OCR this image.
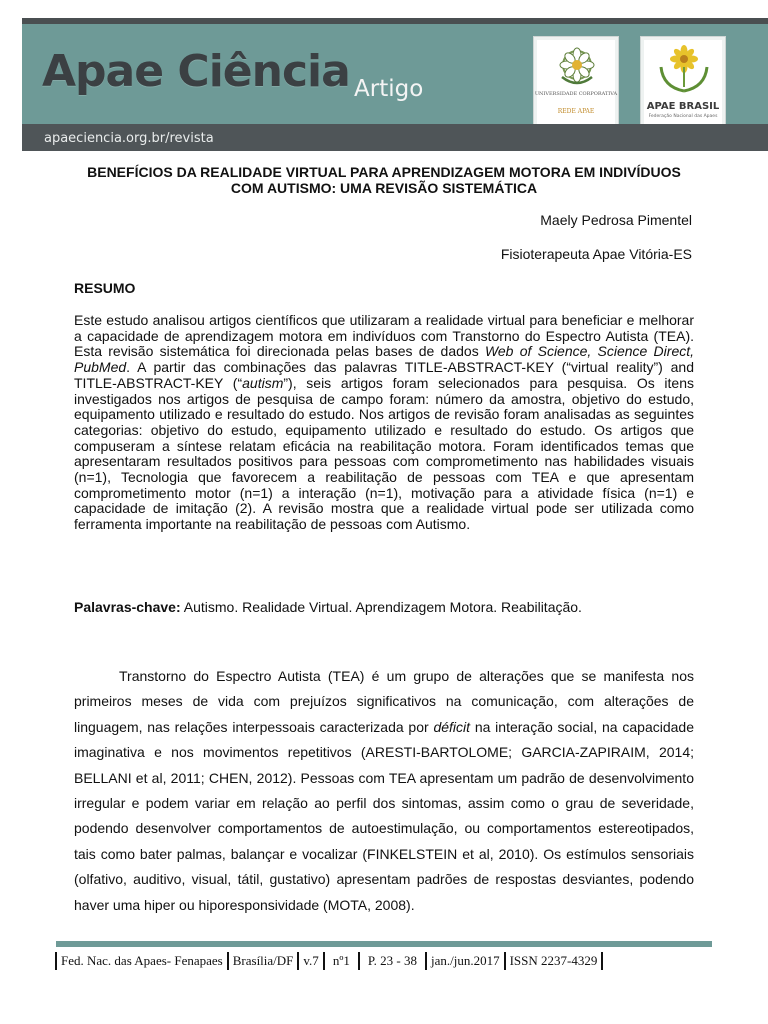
Apae Ciência Artigo	UNIVERSIDADE CORPORATIVA
REDE APAE	APAE BRASIL
Federação Nacional das Apaes
apaeciencia.org.br/revista
BENEFÍCIOS DA REALIDADE VIRTUAL PARA APRENDIZAGEM MOTORA EM INDIVÍDUOS COM AUTISMO: UMA REVISÃO SISTEMÁTICA
Maely Pedrosa Pimentel
Fisioterapeuta Apae Vitória-ES
RESUMO

Este estudo analisou artigos científicos que utilizaram a realidade virtual para beneficiar e melhorar a capacidade de aprendizagem motora em indivíduos com Transtorno do Espectro Autista (TEA). Esta revisão sistemática foi direcionada pelas bases de dados Web of Science, Science Direct, PubMed. A partir das combinações das palavras TITLE-ABSTRACT-KEY (“virtual reality”) and TITLE-ABSTRACT-KEY (“autism”), seis artigos foram selecionados para pesquisa. Os itens investigados nos artigos de pesquisa de campo foram: número da amostra, objetivo do estudo, equipamento utilizado e resultado do estudo. Nos artigos de revisão foram analisadas as seguintes categorias: objetivo do estudo, equipamento utilizado e resultado do estudo. Os artigos que compuseram a síntese relatam eficácia na reabilitação motora. Foram identificados temas que apresentaram resultados positivos para pessoas com comprometimento nas habilidades visuais (n=1), Tecnologia que favorecem a reabilitação de pessoas com TEA e que apresentam comprometimento motor (n=1) a interação (n=1), motivação para a atividade física (n=1) e capacidade de imitação (2). A revisão mostra que a realidade virtual pode ser utilizada como ferramenta importante na reabilitação de pessoas com Autismo.

Palavras-chave: Autismo. Realidade Virtual. Aprendizagem Motora. Reabilitação.

Transtorno do Espectro Autista (TEA) é um grupo de alterações que se manifesta nos primeiros meses de vida com prejuízos significativos na comunicação, com alterações de linguagem, nas relações interpessoais caracterizada por déficit na interação social, na capacidade imaginativa e nos movimentos repetitivos (ARESTI-BARTOLOME; GARCIA-ZAPIRAIM, 2014; BELLANI et al, 2011; CHEN, 2012). Pessoas com TEA apresentam um padrão de desenvolvimento irregular e podem variar em relação ao perfil dos sintomas, assim como o grau de severidade, podendo desenvolver comportamentos de autoestimulação, ou comportamentos estereotipados, tais como bater palmas, balançar e vocalizar (FINKELSTEIN et al, 2010). Os estímulos sensoriais (olfativo, auditivo, visual, tátil, gustativo) apresentam padrões de respostas desviantes, podendo haver uma hiper ou hiporesponsividade (MOTA, 2008).

Fed. Nac. das Apaes- Fenapaes Brasília/DF v.7	nº1	P. 23 - 38	jan./jun.2017 ISSN 2237-4329
